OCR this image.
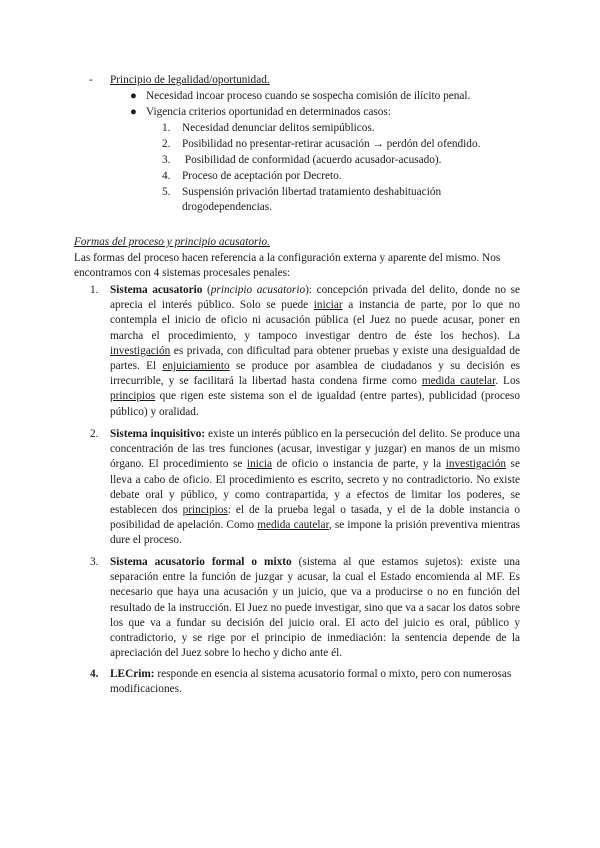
- Principio de legalidad/oportunidad.
● Necesidad incoar proceso cuando se sospecha comisión de ilícito penal.
● Vigencia criterios oportunidad en determinados casos:
1. Necesidad denunciar delitos semipúblicos.
2. Posibilidad no presentar-retirar acusación → perdón del ofendido.
3. Posibilidad de conformidad (acuerdo acusador-acusado).
4. Proceso de aceptación por Decreto.
5. Suspensión privación libertad tratamiento deshabituación drogodependencias.
Formas del proceso y principio acusatorio.
Las formas del proceso hacen referencia a la configuración externa y aparente del mismo. Nos encontramos con 4 sistemas procesales penales:
1. Sistema acusatorio (principio acusatorio): concepción privada del delito, donde no se aprecia el interés público. Solo se puede iniciar a instancia de parte, por lo que no contempla el inicio de oficio ni acusación pública (el Juez no puede acusar, poner en marcha el procedimiento, y tampoco investigar dentro de éste los hechos). La investigación es privada, con dificultad para obtener pruebas y existe una desigualdad de partes. El enjuiciamiento se produce por asamblea de ciudadanos y su decisión es irrecurrible, y se facilitará la libertad hasta condena firme como medida cautelar. Los principios que rigen este sistema son el de igualdad (entre partes), publicidad (proceso público) y oralidad.
2. Sistema inquisitivo: existe un interés público en la persecución del delito. Se produce una concentración de las tres funciones (acusar, investigar y juzgar) en manos de un mismo órgano. El procedimiento se inicia de oficio o instancia de parte, y la investigación se lleva a cabo de oficio. El procedimiento es escrito, secreto y no contradictorio. No existe debate oral y público, y como contrapartida, y a efectos de limitar los poderes, se establecen dos principios: el de la prueba legal o tasada, y el de la doble instancia o posibilidad de apelación. Como medida cautelar, se impone la prisión preventiva mientras dure el proceso.
3. Sistema acusatorio formal o mixto (sistema al que estamos sujetos): existe una separación entre la función de juzgar y acusar, la cual el Estado encomienda al MF. Es necesario que haya una acusación y un juicio, que va a producirse o no en función del resultado de la instrucción. El Juez no puede investigar, sino que va a sacar los datos sobre los que va a fundar su decisión del juicio oral. El acto del juicio es oral, público y contradictorio, y se rige por el principio de inmediación: la sentencia depende de la apreciación del Juez sobre lo hecho y dicho ante él.
4. LECrim: responde en esencia al sistema acusatorio formal o mixto, pero con numerosas modificaciones.
